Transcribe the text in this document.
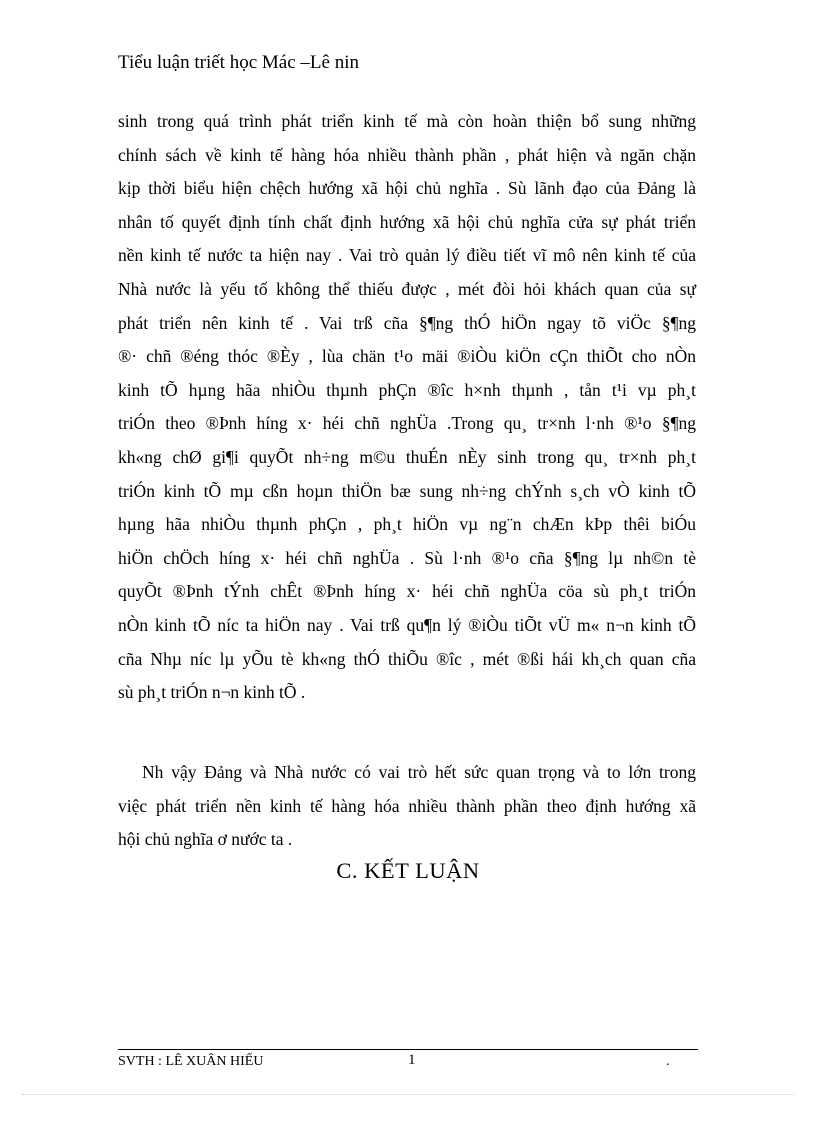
Tiểu luận triết học Mác –Lê nin
sinh trong quá trình phát triển kinh tế mà còn hoàn thiện bổ sung những
chính sách về kinh tế hàng hóa nhiều thành phần , phát hiện và ngăn chặn
kịp thời biểu hiện chệch hướng xã hội chủ nghĩa . Sù lãnh đạo của Đảng là
nhân tố quyết định tính chất định hướng xã hội chủ nghĩa cửa sự phát triển
nền kinh tế nước ta hiện nay . Vai trò quản lý điều tiết vĩ mô nên kinh tế của
Nhà nước là yếu tố không thể thiếu được , mét đòi hỏi khách quan của sự
phát triển nên kinh tế . Vai trß cña §¶ng thÓ hiÖn ngay tõ viÖc §¶ng
®· chñ ®éng thóc ®Èy , lùa chän t¹o mäi ®iÒu kiÖn cÇn thiÕt cho nÒn
kinh tÕ hµng hãa nhiÒu thµnh phÇn ®îc h×nh thµnh , tån t¹i vµ ph¸t
triÓn theo ®Þnh híng x· héi chñ nghÜa .Trong qu¸ tr×nh l·nh ®¹o §¶ng
kh«ng chØ gi¶i quyÕt nh÷ng m©u thuÉn nÈy sinh trong qu¸ tr×nh ph¸t
triÓn kinh tÕ mµ cßn hoµn thiÖn bæ sung nh÷ng chÝnh s¸ch vÒ kinh tÕ
hµng hãa nhiÒu thµnh phÇn , ph¸t hiÖn vµ ng¨n chÆn kÞp thêi biÓu
hiÖn chÖch híng x· héi chñ nghÜa . Sù l·nh ®¹o cña §¶ng lµ nh©n tè
quyÕt ®Þnh tÝnh chÊt ®Þnh híng x· héi chñ nghÜa cöa sù ph¸t triÓn
nÒn kinh tÕ níc ta hiÖn nay . Vai trß qu¶n lý ®iÒu tiÕt vÜ m« n¬n kinh tÕ
cña Nhµ níc lµ yÕu tè kh«ng thÓ thiÕu ®îc , mét ®ßi hái kh¸ch quan cña
sù ph¸t triÓn n¬n kinh tÕ .
Nh vậy Đảng và Nhà nước có vai trò hết sức quan trọng và to lớn trong
việc phát triển nền kinh tế hàng hóa nhiều thành phần theo định hướng xã
hội chủ nghĩa ơ nước ta .
C. KẾT LUẬN
SVTH : LÊ XUÂN HIẾU	1	.
